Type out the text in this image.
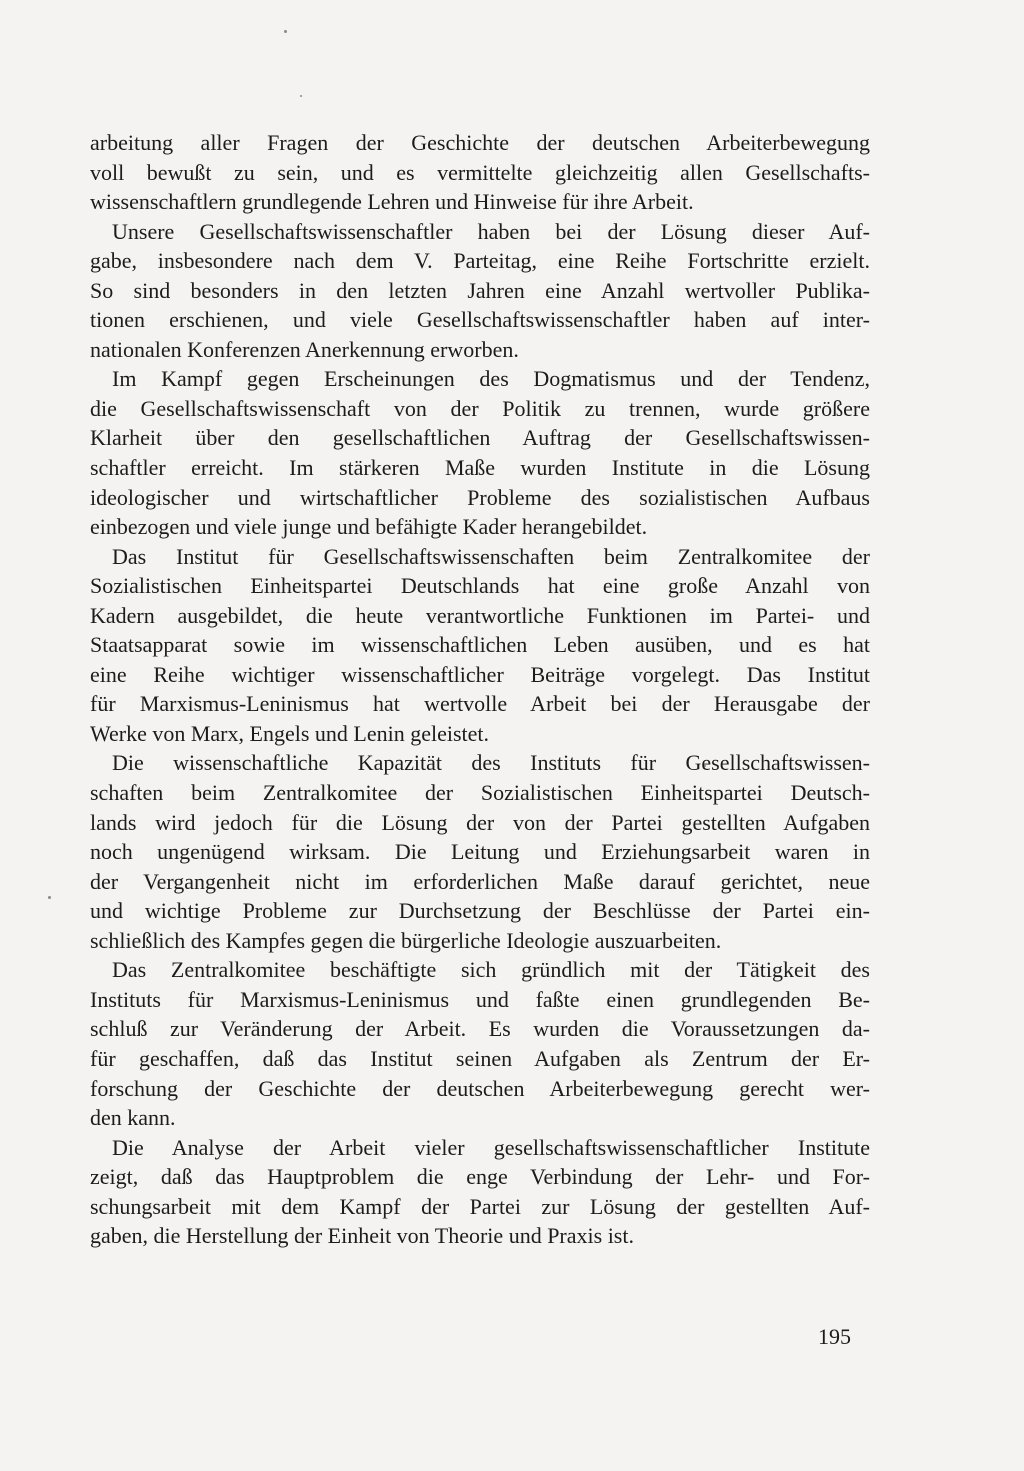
arbeitung aller Fragen der Geschichte der deutschen Arbeiterbewegung
voll bewußt zu sein, und es vermittelte gleichzeitig allen Gesellschafts-
wissenschaftlern grundlegende Lehren und Hinweise für ihre Arbeit.
Unsere Gesellschaftswissenschaftler haben bei der Lösung dieser Auf-
gabe, insbesondere nach dem V. Parteitag, eine Reihe Fortschritte erzielt.
So sind besonders in den letzten Jahren eine Anzahl wertvoller Publika-
tionen erschienen, und viele Gesellschaftswissenschaftler haben auf inter-
nationalen Konferenzen Anerkennung erworben.
Im Kampf gegen Erscheinungen des Dogmatismus und der Tendenz,
die Gesellschaftswissenschaft von der Politik zu trennen, wurde größere
Klarheit über den gesellschaftlichen Auftrag der Gesellschaftswissen-
schaftler erreicht. Im stärkeren Maße wurden Institute in die Lösung
ideologischer und wirtschaftlicher Probleme des sozialistischen Aufbaus
einbezogen und viele junge und befähigte Kader herangebildet.
Das Institut für Gesellschaftswissenschaften beim Zentralkomitee der
Sozialistischen Einheitspartei Deutschlands hat eine große Anzahl von
Kadern ausgebildet, die heute verantwortliche Funktionen im Partei- und
Staatsapparat sowie im wissenschaftlichen Leben ausüben, und es hat
eine Reihe wichtiger wissenschaftlicher Beiträge vorgelegt. Das Institut
für Marxismus-Leninismus hat wertvolle Arbeit bei der Herausgabe der
Werke von Marx, Engels und Lenin geleistet.
Die wissenschaftliche Kapazität des Instituts für Gesellschaftswissen-
schaften beim Zentralkomitee der Sozialistischen Einheitspartei Deutsch-
lands wird jedoch für die Lösung der von der Partei gestellten Aufgaben
noch ungenügend wirksam. Die Leitung und Erziehungsarbeit waren in
der Vergangenheit nicht im erforderlichen Maße darauf gerichtet, neue
und wichtige Probleme zur Durchsetzung der Beschlüsse der Partei ein-
schließlich des Kampfes gegen die bürgerliche Ideologie auszuarbeiten.
Das Zentralkomitee beschäftigte sich gründlich mit der Tätigkeit des
Instituts für Marxismus-Leninismus und faßte einen grundlegenden Be-
schluß zur Veränderung der Arbeit. Es wurden die Voraussetzungen da-
für geschaffen, daß das Institut seinen Aufgaben als Zentrum der Er-
forschung der Geschichte der deutschen Arbeiterbewegung gerecht wer-
den kann.
Die Analyse der Arbeit vieler gesellschaftswissenschaftlicher Institute
zeigt, daß das Hauptproblem die enge Verbindung der Lehr- und For-
schungsarbeit mit dem Kampf der Partei zur Lösung der gestellten Auf-
gaben, die Herstellung der Einheit von Theorie und Praxis ist.
195
